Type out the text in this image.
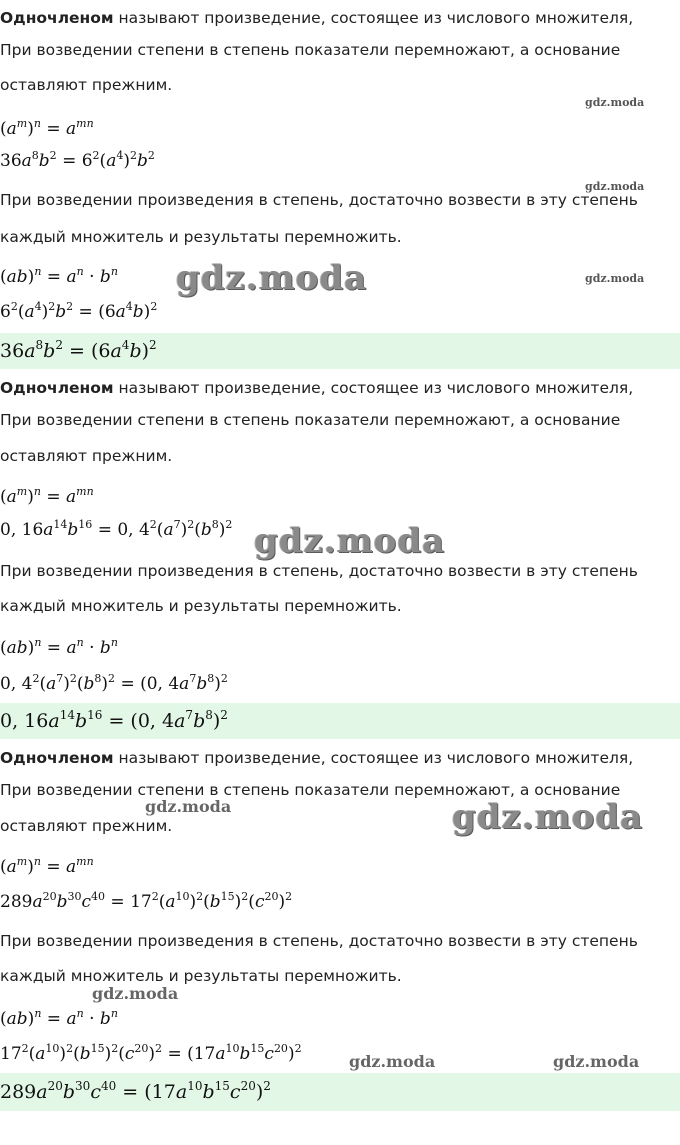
Одночленом называют произведение, состоящее из числового множителя,
При возведении степени в степень показатели перемножают, а основание
оставляют прежним.
gdz.moda
$(a^m)^n = a^{mn}$
$36a^8b^2 = 6^2(a^4)^2b^2$
gdz.moda
При возведении произведения в степень, достаточно возвести в эту степень
каждый множитель и результаты перемножить.
$(ab)^n = a^n \cdot b^n$ gdz.moda	gdz.moda
$6^2(a^4)^2b^2 = (6a^4b)^2$
$36a^8b^2 = (6a^4b)^2$
Одночленом называют произведение, состоящее из числового множителя,
При возведении степени в степень показатели перемножают, а основание
оставляют прежним.
$(a^m)^n = a^{mn}$
0, $16a^{14}b^{16} = 0$, $4^2(a^7)^2(b^8)^2$ gdz.moda
При возведении произведения в степень, достаточно возвести в эту степень
каждый множитель и результаты перемножить.
$(ab)^n = a^n \cdot b^n$
0, $4^2(a^7)^2(b^8)^2 = (0$, $4a^7b^8)^2$
0, $16a^{14}b^{16} = (0$, $4a^7b^8)^2$
Одночленом называют произведение, состоящее из числового множителя,
При возведении степени в степень показатели перемножают, а основание
gdz.moda
оставляют прежним.	gdz.moda
$(a^m)^n = a^{mn}$
$289a^{20}b^{30}c^{40} = 17^2(a^{10})^2(b^{15})^2(c^{20})^2$
При возведении произведения в степень, достаточно возвести в эту степень
каждый множитель и результаты перемножить.
gdz.moda
$(ab)^n = a^n \cdot b^n$
$17^2(a^{10})^2(b^{15})^2(c^{20})^2 = (17a^{10}b^{15}c^{20})^2$
gdz.moda	gdz.moda
$289a^{20}b^{30}c^{40} = (17a^{10}b^{15}c^{20})^2$
